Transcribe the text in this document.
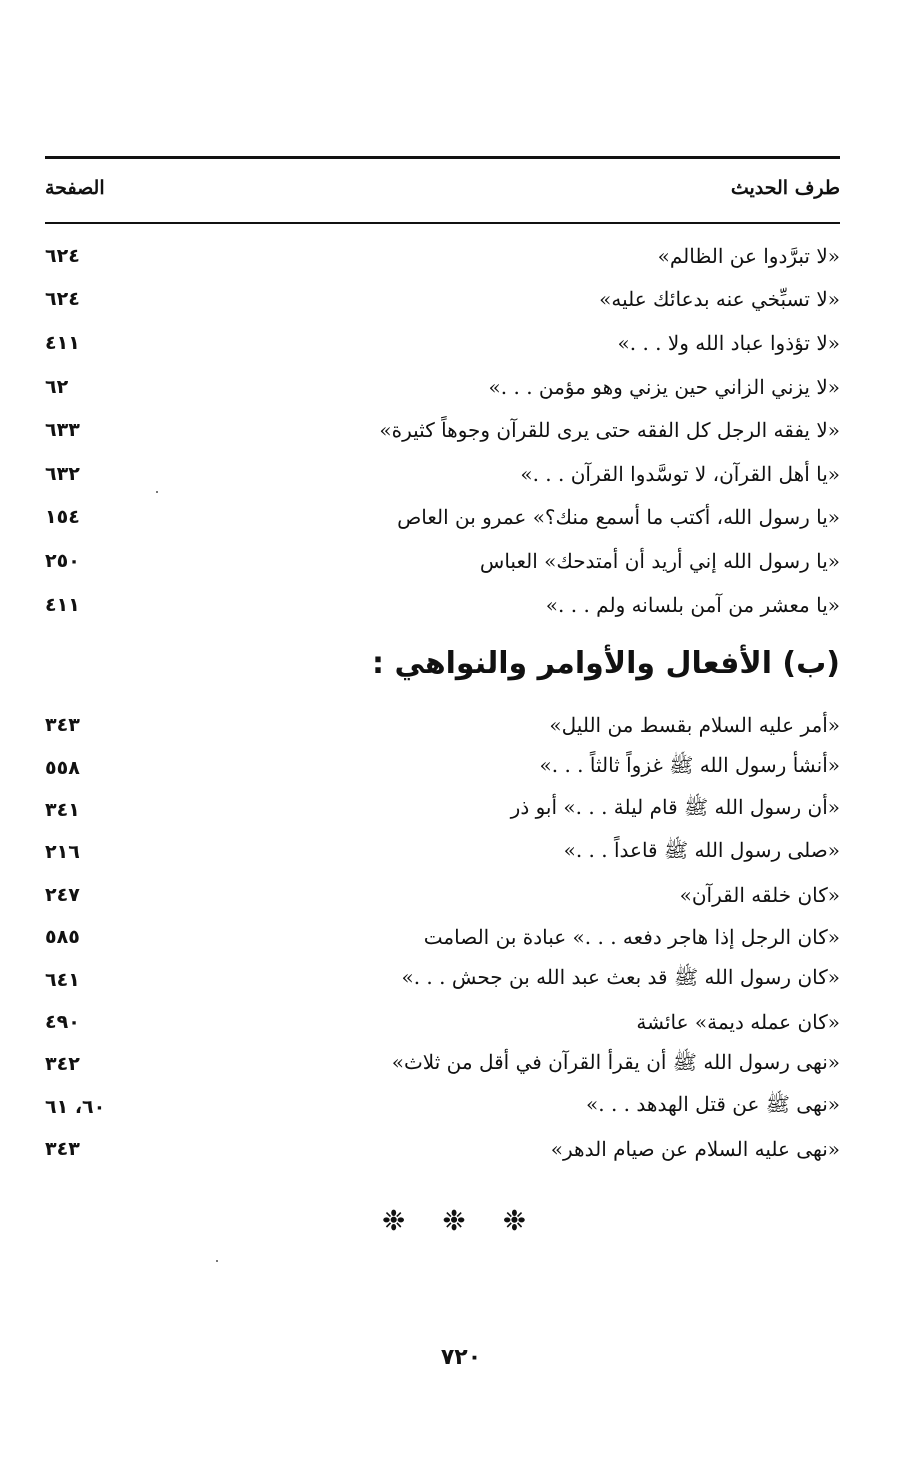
طرف الحديث
الصفحة
«لا تبرَّدوا عن الظالم»
٦٢٤
«لا تسبِّخي عنه بدعائك عليه»
٦٢٤
«لا تؤذوا عباد الله ولا . . .»
٤١١
«لا يزني الزاني حين يزني وهو مؤمن . . .»
٦٢
«لا يفقه الرجل كل الفقه حتى يرى للقرآن وجوهاً كثيرة»
٦٣٣
«يا أهل القرآن، لا توسَّدوا القرآن . . .»
٦٣٢
«يا رسول الله، أكتب ما أسمع منك؟» عمرو بن العاص
١٥٤
«يا رسول الله إني أريد أن أمتدحك» العباس
٢٥٠
«يا معشر من آمن بلسانه ولم . . .»
٤١١
(ب) الأفعال والأوامر والنواهي :
«أمر عليه السلام بقسط من الليل»
٣٤٣
«أنشأ رسول الله ﷺ غزواً ثالثاً . . .»
٥٥٨
«أن رسول الله ﷺ قام ليلة . . .» أبو ذر
٣٤١
«صلى رسول الله ﷺ قاعداً . . .»
٢١٦
«كان خلقه القرآن»
٢٤٧
«كان الرجل إذا هاجر دفعه . . .» عبادة بن الصامت
٥٨٥
«كان رسول الله ﷺ قد بعث عبد الله بن جحش . . .»
٦٤١
«كان عمله ديمة» عائشة
٤٩٠
«نهى رسول الله ﷺ أن يقرأ القرآن في أقل من ثلاث»
٣٤٢
«نهى ﷺ عن قتل الهدهد . . .»
٦٠، ٦١
«نهى عليه السلام عن صيام الدهر»
٣٤٣
❉ ❉ ❉
٧٢٠
